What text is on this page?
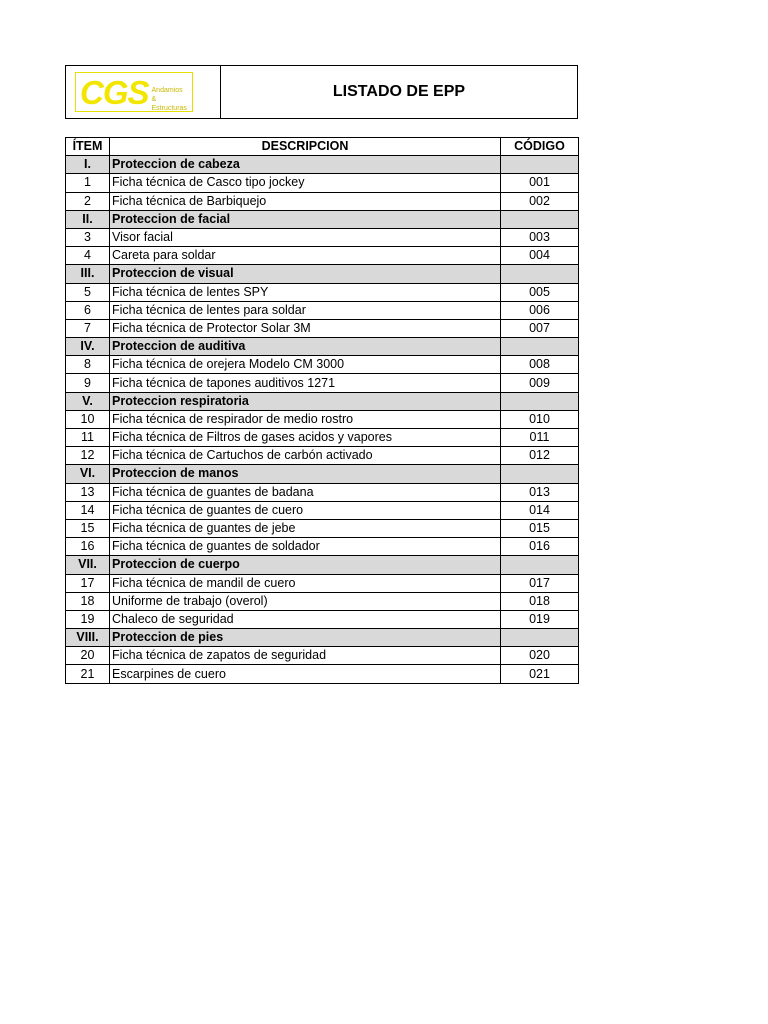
CGS Andamios
& Estructuras
LISTADO DE EPP
ÍTEM	DESCRIPCION	CÓDIGO
I.	Proteccion de cabeza	
1	Ficha técnica de Casco tipo jockey	001
2	Ficha técnica de Barbiquejo	002
II.	Proteccion de facial	
3	Visor facial	003
4	Careta para soldar	004
III.	Proteccion de visual	
5	Ficha técnica de lentes SPY	005
6	Ficha técnica de lentes para soldar	006
7	Ficha técnica de Protector Solar 3M	007
IV.	Proteccion de auditiva	
8	Ficha técnica de orejera Modelo CM 3000	008
9	Ficha técnica de tapones auditivos 1271	009
V.	Proteccion respiratoria	
10	Ficha técnica de respirador de medio rostro	010
11	Ficha técnica de Filtros de gases acidos y vapores	011
12	Ficha técnica de Cartuchos de carbón activado	012
VI.	Proteccion de manos	
13	Ficha técnica de guantes de badana	013
14	Ficha técnica de guantes de cuero	014
15	Ficha técnica de guantes de jebe	015
16	Ficha técnica de guantes de soldador	016
VII.	Proteccion de cuerpo	
17	Ficha técnica de mandil de cuero	017
18	Uniforme de trabajo (overol)	018
19	Chaleco de seguridad	019
VIII.	Proteccion de pies	
20	Ficha técnica de zapatos de seguridad	020
21	Escarpines de cuero	021
